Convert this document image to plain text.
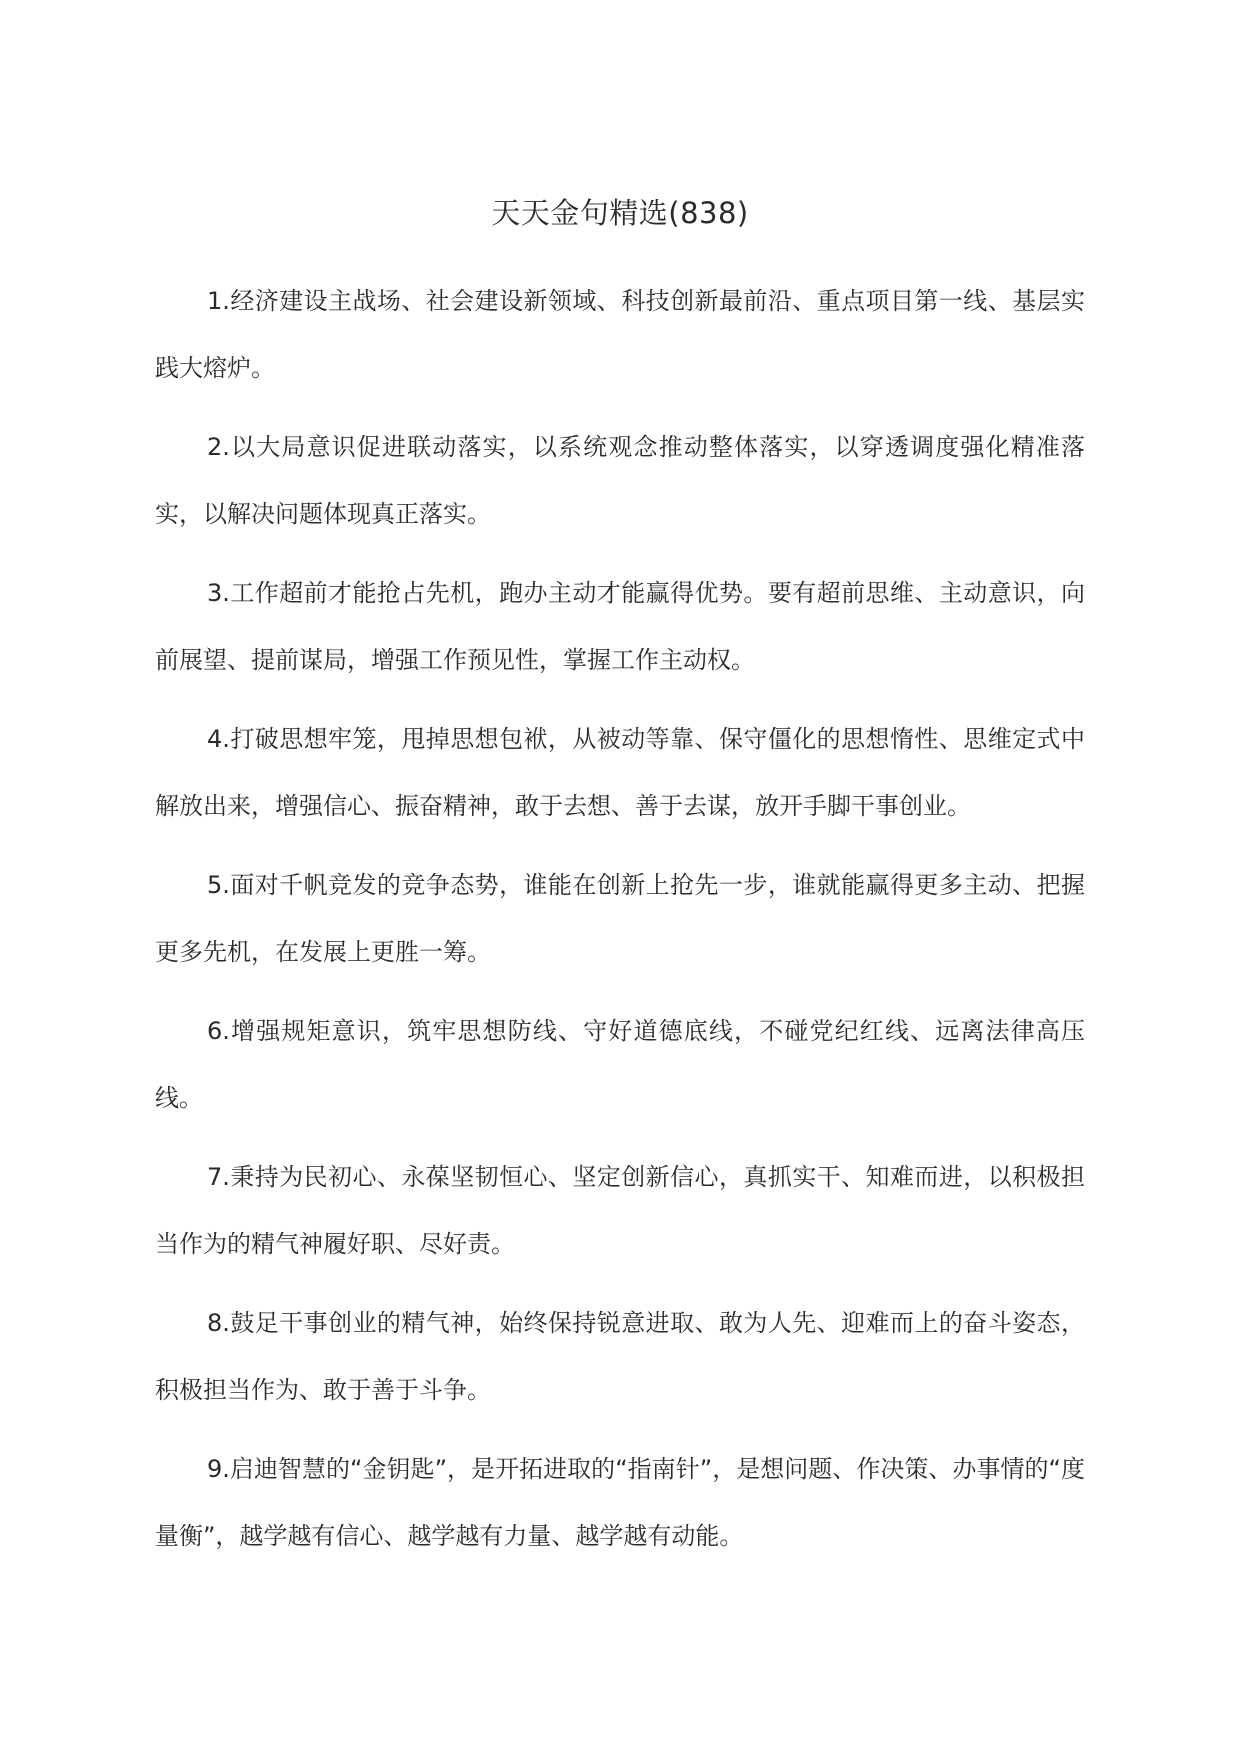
天天金句精选(838)

1.经济建设主战场、社会建设新领域、科技创新最前沿、重点项目第一线、基层实践大熔炉。

2.以大局意识促进联动落实，以系统观念推动整体落实，以穿透调度强化精准落实，以解决问题体现真正落实。

3.工作超前才能抢占先机，跑办主动才能赢得优势。要有超前思维、主动意识，向前展望、提前谋局，增强工作预见性，掌握工作主动权。

4.打破思想牢笼，甩掉思想包袱，从被动等靠、保守僵化的思想惰性、思维定式中解放出来，增强信心、振奋精神，敢于去想、善于去谋，放开手脚干事创业。

5.面对千帆竞发的竞争态势，谁能在创新上抢先一步，谁就能赢得更多主动、把握更多先机，在发展上更胜一筹。

6.增强规矩意识，筑牢思想防线、守好道德底线，不碰党纪红线、远离法律高压线。

7.秉持为民初心、永葆坚韧恒心、坚定创新信心，真抓实干、知难而进，以积极担当作为的精气神履好职、尽好责。

8.鼓足干事创业的精气神，始终保持锐意进取、敢为人先、迎难而上的奋斗姿态，积极担当作为、敢于善于斗争。

9.启迪智慧的“金钥匙”，是开拓进取的“指南针”，是想问题、作决策、办事情的“度量衡”，越学越有信心、越学越有力量、越学越有动能。
